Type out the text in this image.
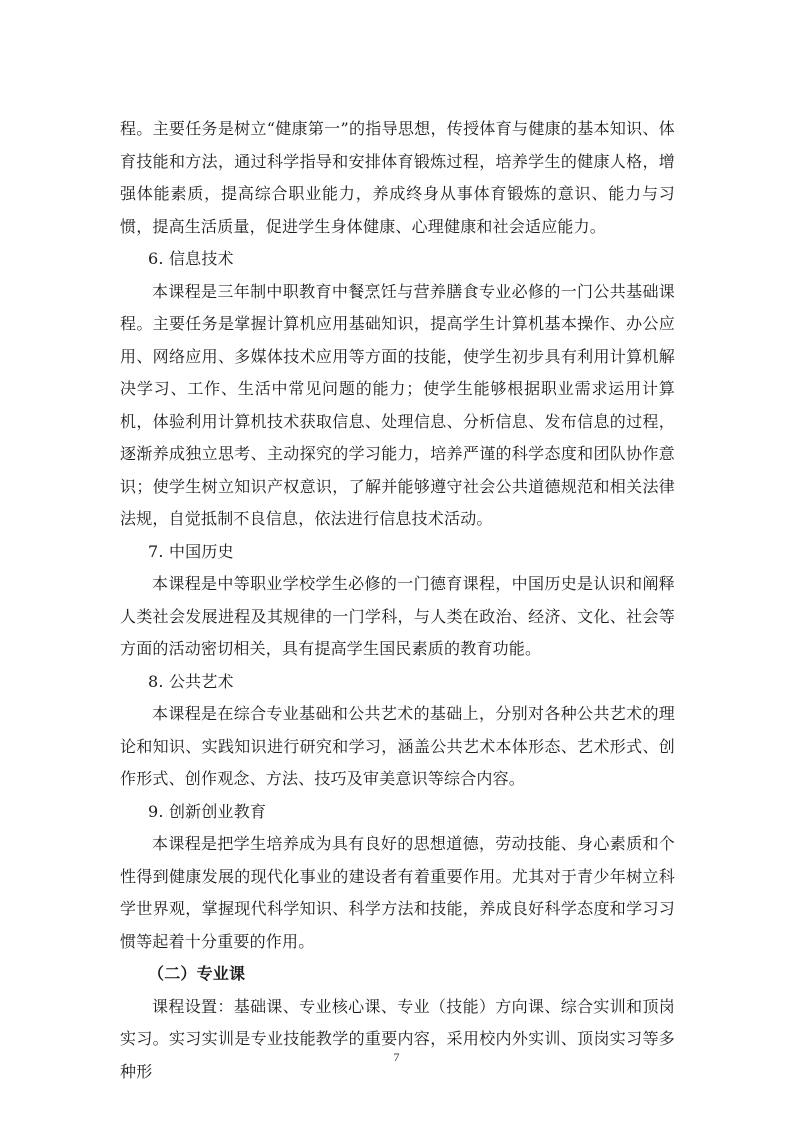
程。主要任务是树立“健康第一”的指导思想，传授体育与健康的基本知识、体育技能和方法，通过科学指导和安排体育锻炼过程，培养学生的健康人格，增强体能素质，提高综合职业能力，养成终身从事体育锻炼的意识、能力与习惯，提高生活质量，促进学生身体健康、心理健康和社会适应能力。

6. 信息技术

本课程是三年制中职教育中餐烹饪与营养膳食专业必修的一门公共基础课程。主要任务是掌握计算机应用基础知识，提高学生计算机基本操作、办公应用、网络应用、多媒体技术应用等方面的技能，使学生初步具有利用计算机解决学习、工作、生活中常见问题的能力；使学生能够根据职业需求运用计算机，体验利用计算机技术获取信息、处理信息、分析信息、发布信息的过程，逐渐养成独立思考、主动探究的学习能力，培养严谨的科学态度和团队协作意识；使学生树立知识产权意识，了解并能够遵守社会公共道德规范和相关法律法规，自觉抵制不良信息，依法进行信息技术活动。

7. 中国历史

本课程是中等职业学校学生必修的一门德育课程，中国历史是认识和阐释人类社会发展进程及其规律的一门学科，与人类在政治、经济、文化、社会等方面的活动密切相关，具有提高学生国民素质的教育功能。

8. 公共艺术

本课程是在综合专业基础和公共艺术的基础上，分别对各种公共艺术的理论和知识、实践知识进行研究和学习，涵盖公共艺术本体形态、艺术形式、创作形式、创作观念、方法、技巧及审美意识等综合内容。

9. 创新创业教育

本课程是把学生培养成为具有良好的思想道德，劳动技能、身心素质和个性得到健康发展的现代化事业的建设者有着重要作用。尤其对于青少年树立科学世界观，掌握现代科学知识、科学方法和技能，养成良好科学态度和学习习惯等起着十分重要的作用。

（二）专业课

课程设置：基础课、专业核心课、专业（技能）方向课、综合实训和顶岗实习。实习实训是专业技能教学的重要内容，采用校内外实训、顶岗实习等多种形

7
